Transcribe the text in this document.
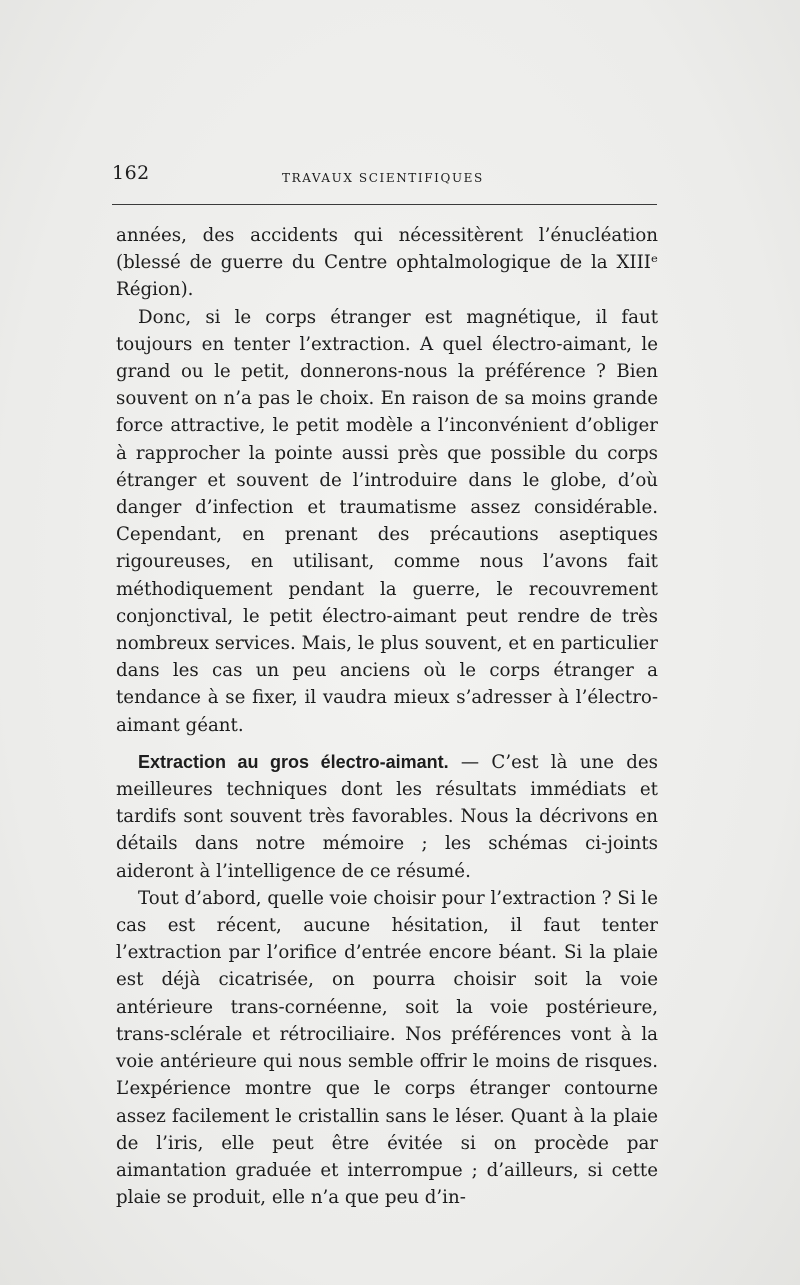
162	TRAVAUX SCIENTIFIQUES

années, des accidents qui nécessitèrent l’énucléation (blessé de guerre du Centre ophtalmologique de la XIIIᵉ Région).

Donc, si le corps étranger est magnétique, il faut toujours en tenter l’extraction. A quel électro-aimant, le grand ou le petit, donnerons-nous la préférence ? Bien souvent on n’a pas le choix. En raison de sa moins grande force attractive, le petit modèle a l’inconvénient d’obliger à rapprocher la pointe aussi près que possible du corps étranger et souvent de l’introduire dans le globe, d’où danger d’infection et traumatisme assez considérable. Cependant, en prenant des précautions aseptiques rigoureuses, en utilisant, comme nous l’avons fait méthodiquement pendant la guerre, le recouvrement conjonctival, le petit électro-aimant peut rendre de très nombreux services. Mais, le plus souvent, et en particulier dans les cas un peu anciens où le corps étranger a tendance à se fixer, il vaudra mieux s’adresser à l’électro-aimant géant.

Extraction au gros électro-aimant. — C’est là une des meilleures techniques dont les résultats immédiats et tardifs sont souvent très favorables. Nous la décrivons en détails dans notre mémoire ; les schémas ci-joints aideront à l’intelligence de ce résumé.

Tout d’abord, quelle voie choisir pour l’extraction ? Si le cas est récent, aucune hésitation, il faut tenter l’extraction par l’orifice d’entrée encore béant. Si la plaie est déjà cicatrisée, on pourra choisir soit la voie antérieure trans-cornéenne, soit la voie postérieure, trans-sclérale et rétrociliaire. Nos préférences vont à la voie antérieure qui nous semble offrir le moins de risques. L’expérience montre que le corps étranger contourne assez facilement le cristallin sans le léser. Quant à la plaie de l’iris, elle peut être évitée si on procède par aimantation graduée et interrompue ; d’ailleurs, si cette plaie se produit, elle n’a que peu d’in-
